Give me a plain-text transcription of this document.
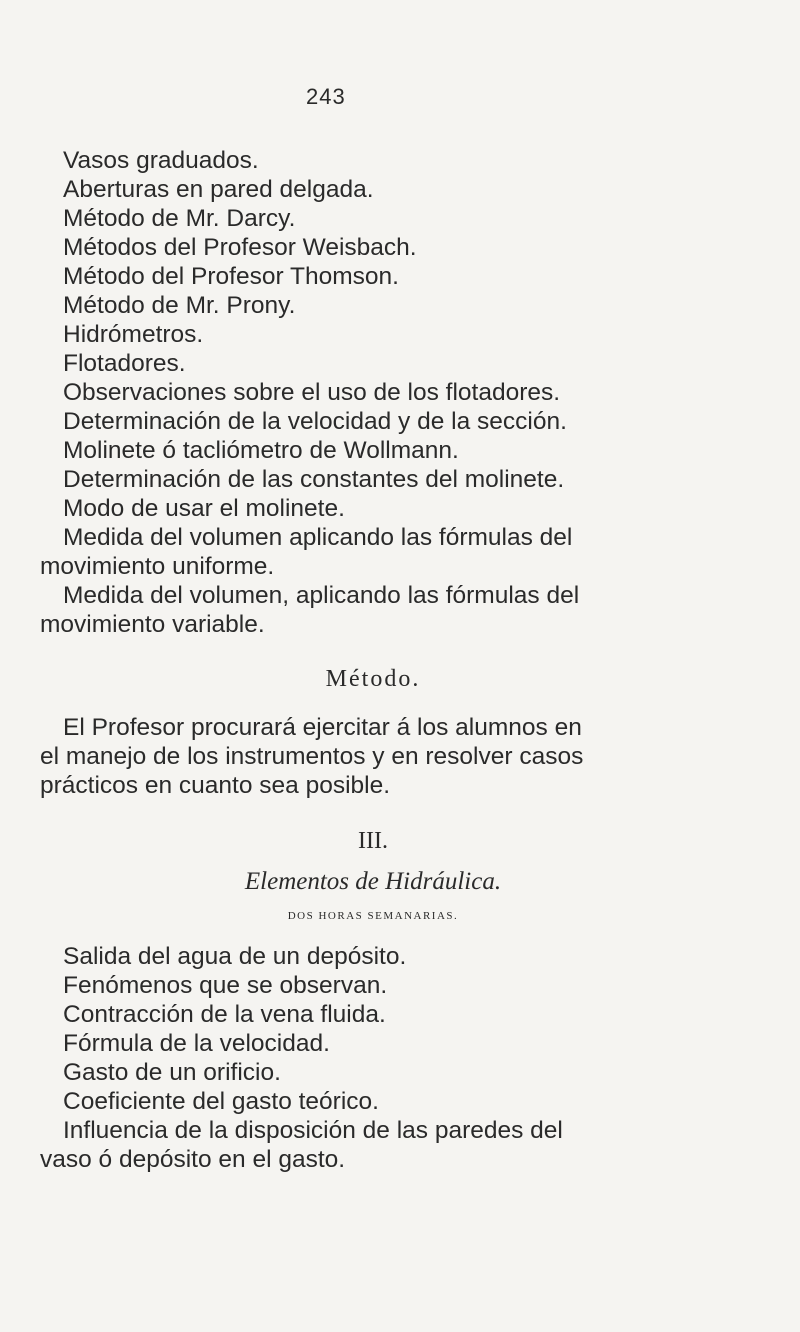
243
Vasos graduados.
Aberturas en pared delgada.
Método de Mr. Darcy.
Métodos del Profesor Weisbach.
Método del Profesor Thomson.
Método de Mr. Prony.
Hidrómetros.
Flotadores.
Observaciones sobre el uso de los flotadores.
Determinación de la velocidad y de la sección.
Molinete ó tacliómetro de Wollmann.
Determinación de las constantes del molinete.
Modo de usar el molinete.
Medida del volumen aplicando las fórmulas del
movimiento uniforme.
Medida del volumen, aplicando las fórmulas del
movimiento variable.
Método.
El Profesor procurará ejercitar á los alumnos en
el manejo de los instrumentos y en resolver casos
prácticos en cuanto sea posible.
III.
Elementos de Hidráulica.
DOS HORAS SEMANARIAS.
Salida del agua de un depósito.
Fenómenos que se observan.
Contracción de la vena fluida.
Fórmula de la velocidad.
Gasto de un orificio.
Coeficiente del gasto teórico.
Influencia de la disposición de las paredes del
vaso ó depósito en el gasto.
